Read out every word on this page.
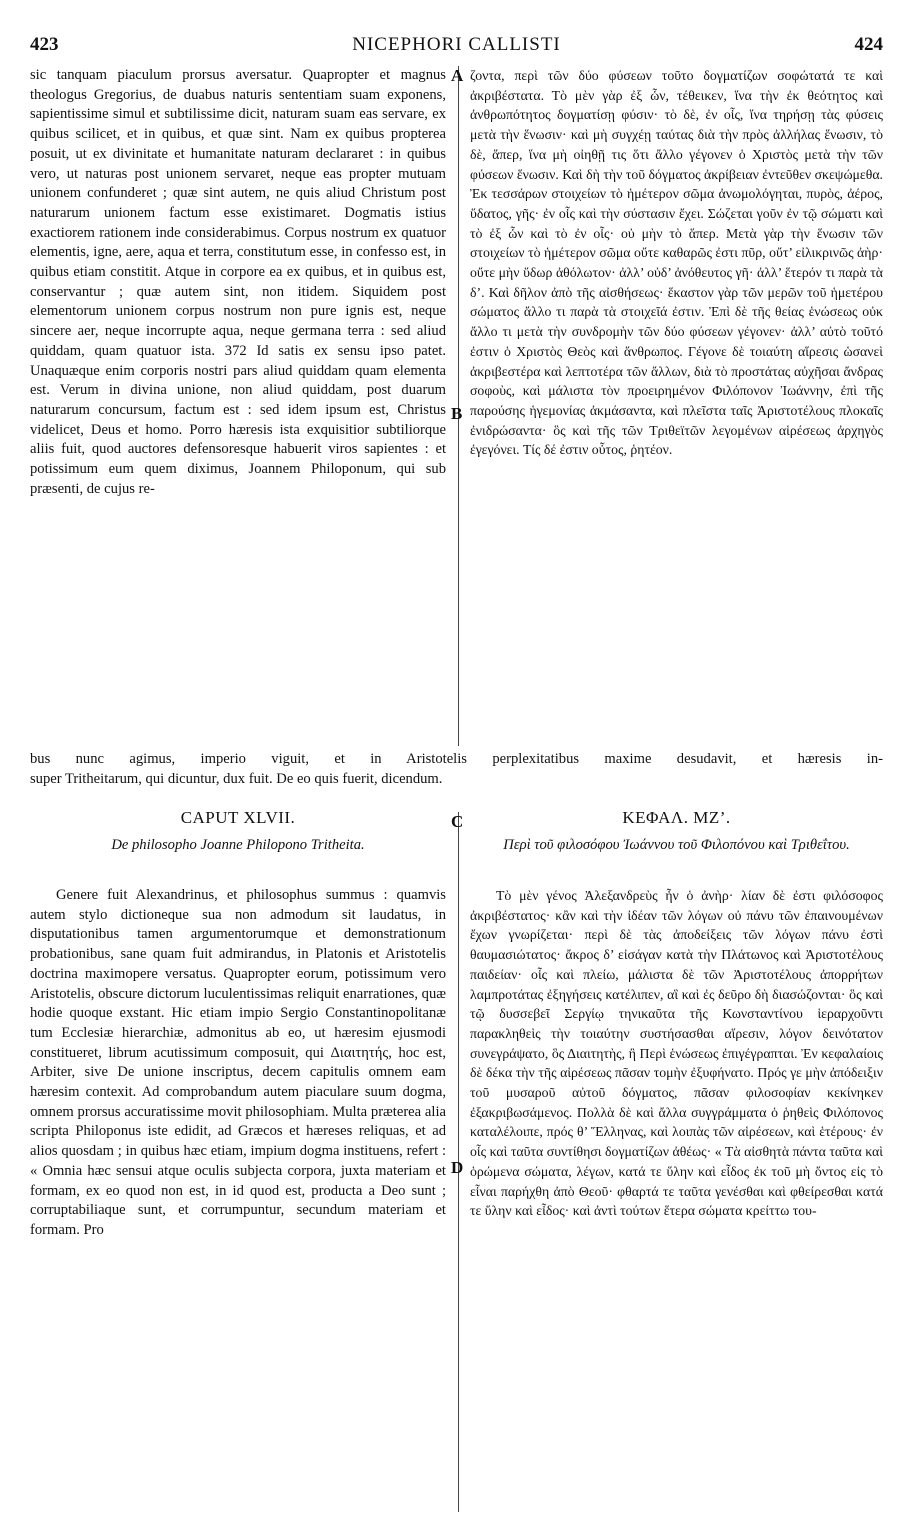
423	NICEPHORI CALLISTI	424
A
B
C
D

sic tanquam piaculum prorsus aversatur. Quapropter et magnus theologus Gregorius, de duabus naturis sententiam suam exponens, sapientissime simul et subtilissime dicit, naturam suam eas servare, ex quibus scilicet, et in quibus, et quæ sint. Nam ex quibus propterea posuit, ut ex divinitate et humanitate naturam declararet : in quibus vero, ut naturas post unionem servaret, neque eas propter mutuam unionem confunderet ; quæ sint autem, ne quis aliud Christum post naturarum unionem factum esse existimaret. Dogmatis istius exactiorem rationem inde considerabimus. Corpus nostrum ex quatuor elementis, igne, aere, aqua et terra, constitutum esse, in confesso est, in quibus etiam constitit. Atque in corpore ea ex quibus, et in quibus est, conservantur ; quæ autem sint, non itidem. Siquidem post elementorum unionem corpus nostrum non pure ignis est, neque sincere aer, neque incorrupte aqua, neque germana terra : sed aliud quiddam, quam quatuor ista. 372 Id satis ex sensu ipso patet. Unaquæque enim corporis nostri pars aliud quiddam quam elementa est. Verum in divina unione, non aliud quiddam, post duarum naturarum concursum, factum est : sed idem ipsum est, Christus videlicet, Deus et homo. Porro hæresis ista exquisitior subtiliorque aliis fuit, quod auctores defensoresque habuerit viros sapientes : et potissimum eum quem diximus, Joannem Philoponum, qui sub præsenti, de cujus re-

ζοντα, περὶ τῶν δύο φύσεων τοῦτο δογματίζων σοφώτατά τε καὶ ἀκριβέστατα. Τὸ μὲν γὰρ ἐξ ὧν, τέθεικεν, ἵνα τὴν ἐκ θεότητος καὶ ἀνθρωπότητος δογματίσῃ φύσιν· τὸ δὲ, ἐν οἷς, ἵνα τηρήσῃ τὰς φύσεις μετὰ τὴν ἕνωσιν· καὶ μὴ συγχέῃ ταύτας διὰ τὴν πρὸς ἀλλήλας ἕνωσιν, τὸ δὲ, ἅπερ, ἵνα μὴ οἰηθῇ τις ὅτι ἄλλο γέγονεν ὁ Χριστὸς μετὰ τὴν τῶν φύσεων ἕνωσιν. Καὶ δὴ τὴν τοῦ δόγματος ἀκρίβειαν ἐντεῦθεν σκεψώμεθα. Ἐκ τεσσάρων στοιχείων τὸ ἡμέτερον σῶμα ἀνωμολόγηται, πυρὸς, ἀέρος, ὕδατος, γῆς· ἐν οἷς καὶ τὴν σύστασιν ἔχει. Σώζεται γοῦν ἐν τῷ σώματι καὶ τὸ ἐξ ὧν καὶ τὸ ἐν οἷς· οὐ μὴν τὸ ἅπερ. Μετὰ γὰρ τὴν ἕνωσιν τῶν στοιχείων τὸ ἡμέτερον σῶμα οὔτε καθαρῶς ἐστι πῦρ, οὔτ’ εἰλικρινῶς ἀὴρ· οὔτε μὴν ὕδωρ ἀθόλωτον· ἀλλ’ οὐδ’ ἀνόθευτος γῆ· ἀλλ’ ἕτερόν τι παρὰ τὰ δ’. Καὶ δῆλον ἀπὸ τῆς αἰσθήσεως· ἕκαστον γὰρ τῶν μερῶν τοῦ ἡμετέρου σώματος ἄλλο τι παρὰ τὰ στοιχεῖά ἐστιν. Ἐπὶ δὲ τῆς θείας ἑνώσεως οὐκ ἄλλο τι μετὰ τὴν συνδρομὴν τῶν δύο φύσεων γέγονεν· ἀλλ’ αὐτὸ τοῦτό ἐστιν ὁ Χριστὸς Θεὸς καὶ ἄνθρωπος. Γέγονε δὲ τοιαύτη αἵρεσις ὡσανεὶ ἀκριβεστέρα καὶ λεπτοτέρα τῶν ἄλλων, διὰ τὸ προστάτας αὐχῆσαι ἄνδρας σοφοὺς, καὶ μάλιστα τὸν προειρημένον Φιλόπονον Ἰωάννην, ἐπὶ τῆς παρούσης ἡγεμονίας ἀκμάσαντα, καὶ πλεῖστα ταῖς Ἀριστοτέλους πλοκαῖς ἐνιδρώσαντα· ὃς καὶ τῆς τῶν Τριθεϊτῶν λεγομένων αἱρέσεως ἀρχηγὸς ἐγεγόνει. Τίς δέ ἐστιν οὗτος, ῥητέον.

bus nunc agimus, imperio viguit, et in Aristotelis perplexitatibus maxime desudavit, et hæresis in-
super Tritheitarum, qui dicuntur, dux fuit. De eo quis fuerit, dicendum.
CAPUT XLVII.
De philosopho Joanne Philopono Tritheita.
ΚΕΦΑΛ. ΜΖ’.
Περὶ τοῦ φιλοσόφου Ἰωάννου τοῦ Φιλοπόνου καὶ Τριθεΐτου.

Genere fuit Alexandrinus, et philosophus summus : quamvis autem stylo dictioneque sua non admodum sit laudatus, in disputationibus tamen argumentorumque et demonstrationum probationibus, sane quam fuit admirandus, in Platonis et Aristotelis doctrina maximopere versatus. Quapropter eorum, potissimum vero Aristotelis, obscure dictorum luculentissimas reliquit enarrationes, quæ hodie quoque exstant. Hic etiam impio Sergio Constantinopolitanæ tum Ecclesiæ hierarchiæ, admonitus ab eo, ut hæresim ejusmodi constitueret, librum acutissimum composuit, qui Διαιτητής, hoc est, Arbiter, sive De unione inscriptus, decem capitulis omnem eam hæresim contexit. Ad comprobandum autem piaculare suum dogma, omnem prorsus accuratissime movit philosophiam. Multa præterea alia scripta Philoponus iste edidit, ad Græcos et hæreses reliquas, et ad alios quosdam ; in quibus hæc etiam, impium dogma instituens, refert : « Omnia hæc sensui atque oculis subjecta corpora, juxta materiam et formam, ex eo quod non est, in id quod est, producta a Deo sunt ; corruptabiliaque sunt, et corrumpuntur, secundum materiam et formam. Pro

Τὸ μὲν γένος Ἀλεξανδρεὺς ἦν ὁ ἀνὴρ· λίαν δὲ ἐστι φιλόσοφος ἀκριβέστατος· κἂν καὶ τὴν ἰδέαν τῶν λόγων οὐ πάνυ τῶν ἐπαινουμένων ἔχων γνωρίζεται· περὶ δὲ τὰς ἀποδείξεις τῶν λόγων πάνυ ἐστὶ θαυμασιώτατος· ἄκρος δ’ εἰσάγαν κατὰ τὴν Πλάτωνος καὶ Ἀριστοτέλους παιδείαν· οἷς καὶ πλείω, μάλιστα δὲ τῶν Ἀριστοτέλους ἀπορρήτων λαμπροτάτας ἐξηγήσεις κατέλιπεν, αἳ καὶ ἐς δεῦρο δὴ διασώζονται· ὃς καὶ τῷ δυσσεβεῖ Σεργίῳ τηνικαῦτα τῆς Κωνσταντίνου ἱεραρχοῦντι παρακληθεὶς τὴν τοιαύτην συστήσασθαι αἵρεσιν, λόγον δεινότατον συνεγράψατο, ὃς Διαιτητὴς, ἢ Περὶ ἑνώσεως ἐπιγέγραπται. Ἐν κεφαλαίοις δὲ δέκα τὴν τῆς αἱρέσεως πᾶσαν τομὴν ἐξυφήνατο. Πρός γε μὴν ἀπόδειξιν τοῦ μυσαροῦ αὐτοῦ δόγματος, πᾶσαν φιλοσοφίαν κεκίνηκεν ἐξακριβωσάμενος. Πολλὰ δὲ καὶ ἄλλα συγγράμματα ὁ ῥηθεὶς Φιλόπονος καταλέλοιπε, πρός θ’ Ἕλληνας, καὶ λοιπὰς τῶν αἱρέσεων, καὶ ἑτέρους· ἐν οἷς καὶ ταῦτα συντίθησι δογματίζων ἀθέως· « Τὰ αἰσθητὰ πάντα ταῦτα καὶ ὁρώμενα σώματα, λέγων, κατά τε ὕλην καὶ εἶδος ἐκ τοῦ μὴ ὄντος εἰς τὸ εἶναι παρήχθη ἀπὸ Θεοῦ· φθαρτά τε ταῦτα γενέσθαι καὶ φθείρεσθαι κατά τε ὕλην καὶ εἶδος· καὶ ἀντὶ τούτων ἕτερα σώματα κρείττω του-
